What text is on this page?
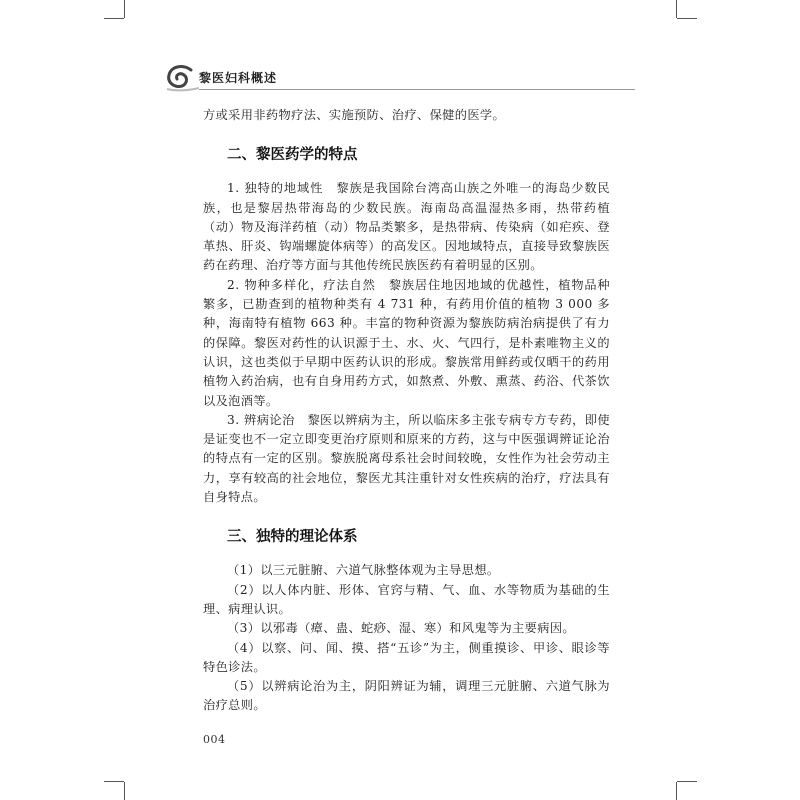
黎医妇科概述

方或采用非药物疗法、实施预防、治疗、保健的医学。

二、黎医药学的特点

1. 独特的地域性  黎族是我国除台湾高山族之外唯一的海岛少数民族，也是黎居热带海岛的少数民族。海南岛高温湿热多雨，热带药植（动）物及海洋药植（动）物品类繁多，是热带病、传染病（如疟疾、登革热、肝炎、钩端螺旋体病等）的高发区。因地域特点，直接导致黎族医药在药理、治疗等方面与其他传统民族医药有着明显的区别。

2. 物种多样化，疗法自然  黎族居住地因地域的优越性，植物品种繁多，已勘查到的植物种类有 4 731 种，有药用价值的植物 3 000 多种，海南特有植物 663 种。丰富的物种资源为黎族防病治病提供了有力的保障。黎医对药性的认识源于土、水、火、气四行，是朴素唯物主义的认识，这也类似于早期中医药认识的形成。黎族常用鲜药或仅晒干的药用植物入药治病，也有自身用药方式，如熬煮、外敷、熏蒸、药浴、代茶饮以及泡酒等。

3. 辨病论治  黎医以辨病为主，所以临床多主张专病专方专药，即使是证变也不一定立即变更治疗原则和原来的方药，这与中医强调辨证论治的特点有一定的区别。黎族脱离母系社会时间较晚，女性作为社会劳动主力，享有较高的社会地位，黎医尤其注重针对女性疾病的治疗，疗法具有自身特点。

三、独特的理论体系

（1）以三元脏腑、六道气脉整体观为主导思想。

（2）以人体内脏、形体、官窍与精、气、血、水等物质为基础的生理、病理认识。

（3）以邪毒（瘴、蛊、蛇痧、湿、寒）和风鬼等为主要病因。

（4）以察、问、闻、摸、搭“五诊”为主，侧重摸诊、甲诊、眼诊等特色诊法。

（5）以辨病论治为主，阴阳辨证为辅，调理三元脏腑、六道气脉为治疗总则。

004
